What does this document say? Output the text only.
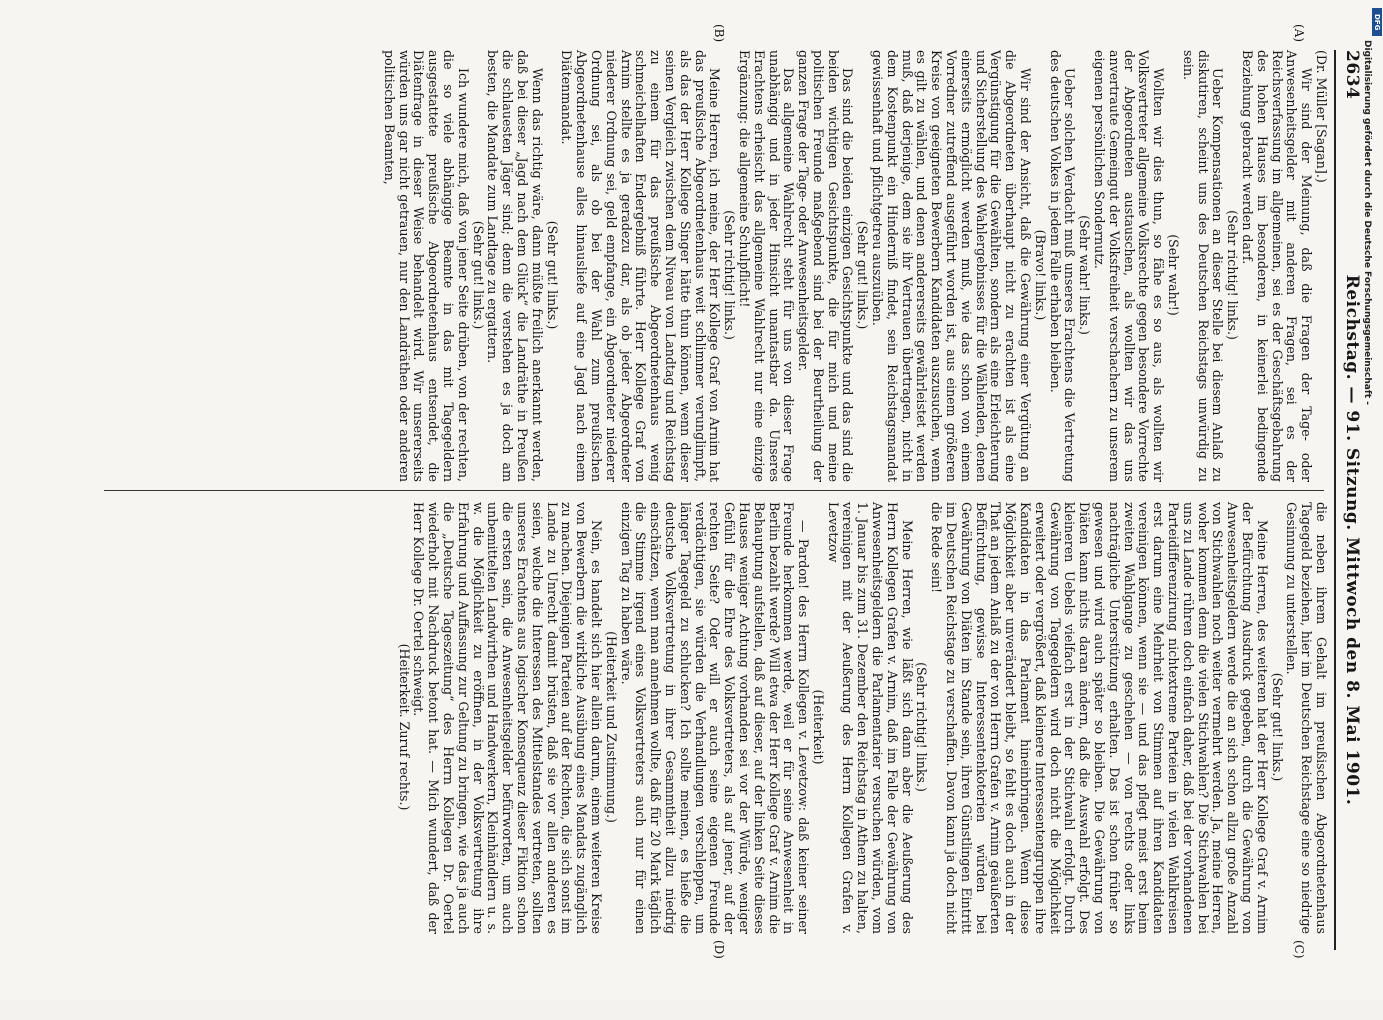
2634
Reichstag. — 91. Sitzung. Mittwoch den 8. Mai 1901.

(Dr. Müller [Sagan].)

Wir sind der Meinung, daß die Fragen der Tage- oder Anwesenheitsgelder mit anderen Fragen, sei es der Reichsverfassung im allgemeinen, sei es der Geschäftsgebahrung des hohen Hauses im besonderen, in keinerlei bedingende Beziehung gebracht werden darf.

(Sehr richtig! links.)

Ueber Kompensationen an dieser Stelle bei diesem Anlaß zu diskutiren, scheint uns des Deutschen Reichstags unwürdig zu sein.

(Sehr wahr!)

Wollten wir dies thun, so fähe es so aus, als wollten wir Volksvertreter allgemeine Volksrechte gegen besondere Vorrechte der Abgeordneten austauschen, als wollten wir das uns anvertraute Gemeingut der Volksfreiheit verschachern zu unserem eigenen persönlichen Sondernutz.

(Sehr wahr! links.)

Ueber solchen Verdacht muß unseres Erachtens die Vertretung des deutschen Volkes in jedem Falle erhaben bleiben.

(Bravo! links.)

Wir sind der Ansicht, daß die Gewährung einer Vergütung an die Abgeordneten überhaupt nicht zu erachten ist als eine Vergünstigung für die Gewählten, sondern als eine Erleichterung und Sicherstellung des Wahlergebnisses für die Wählenden, denen einerseits ermöglicht werden muß, wie das schon von einem Vorredner zutreffend ausgeführt worden ist, aus einem größeren Kreise von geeigneten Bewerbern Kandidaten auszusuchen, wenn es gilt zu wählen, und denen andererseits gewährleistet werden muß, daß derjenige, dem sie ihr Vertrauen übertragen, nicht in dem Kostenpunkt ein Hinderniß findet, sein Reichstagsmandat gewissenhaft und pflichtgetreu auszuüben.

(Sehr gut! links.)

Das sind die beiden einzigen Gesichtspunkte und das sind die beiden wichtigen Gesichtspunkte, die für mich und meine politischen Freunde maßgebend sind bei der Beurtheilung der ganzen Frage der Tage- oder Anwesenheitsgelder.

Das allgemeine Wahlrecht steht für uns von dieser Frage unabhängig und in jeder Hinsicht unantastbar da. Unseres Erachtens erheischt das allgemeine Wahlrecht nur eine einzige Ergänzung: die allgemeine Schulpflicht!

(Sehr richtig! links.)

Meine Herren, ich meine, der Herr Kollege Graf von Arnim hat das preußische Abgeordnetenhaus weit schlimmer verunglimpft, als das der Herr Kollege Singer hätte thun können, wenn dieser seinen Vergleich zwischen dem Niveau von Landtag und Reichstag zu einem für das preußische Abgeordnetenhaus wenig schmeichelhaften Endergebniß führte. Herr Kollege Graf von Arnim stellte es ja geradezu dar, als ob jeder Abgeordneter niederer Ordnung sei, geld empfange, ein Abgeordneter niederer Ordnung sei, als ob bei der Wahl zum preußischen Abgeordnetenhause alles hinausliefe auf eine Jagd nach einem Diätenmandat.

(Sehr gut! links.)

Wenn das richtig wäre, dann müßte freilich anerkannt werden, daß bei dieser „Jagd nach dem Glück“ die Landräthe in Preußen die schlauesten Jäger sind; denn die verstehen es ja doch am besten, die Mandate zum Landtage zu ergattern.

(Sehr gut! links.)

Ich wundere mich, daß von jener Seite drüben, von der rechten, die so viele abhängige Beamte in das mit Tagegeldern ausgestattete preußische Abgeordnetenhaus entsendet, die Diätenfrage in dieser Weise behandelt wird. Wir unsererseits würden uns gar nicht getrauen, nur den Landräthen oder anderen politischen Beamten,

die neben ihrem Gehalt im preußischen Abgeordnetenhaus Tagegeld beziehen, hier im Deutschen Reichstage eine so niedrige Gesinnung zu unterstellen.

(Sehr gut! links.)

Meine Herren, des weiteren hat der Herr Kollege Graf v. Arnim der Befürchtung Ausdruck gegeben, durch die Gewährung von Anwesenheitsgeldern werde die an sich schon allzu große Anzahl von Stichwahlen noch weiter vermehrt werden. Ja, meine Herren, woher kommen denn die vielen Stichwahlen? Die Stichwahlen bei uns zu Lande rühren doch einfach daher, daß bei der vorhandenen Parteidifferenzirung nichtextreme Parteien in vielen Wahlkreisen erst darum eine Mehrheit von Stimmen auf ihren Kandidaten vereinigen können, wenn sie — und das pflegt meist erst beim zweiten Wahlgange zu geschehen — von rechts oder links nachträgliche Unterstützung erhalten. Das ist schon früher so gewesen und wird auch später so bleiben. Die Gewährung von Diäten kann nichts daran ändern, daß die Auswahl erfolgt. Des kleineren Uebels vielfach erst in der Stichwahl erfolgt. Durch Gewährung von Tagegeldern wird doch nicht die Möglichkeit erweitert oder vergrößert, daß kleinere Interessentengruppen ihre Kandidaten in das Parlament hineinbringen. Wenn diese Möglichkeit aber unverändert bleibt, so fehlt es doch auch in der That an jedem Anlaß zu der von Herrn Grafen v. Arnim geäußerten Befürchtung, gewisse Interessentenkoterien würden bei Gewährung von Diäten im Stande sein, ihren Günstlingen Eintritt im Deutschen Reichstage zu verschaffen. Davon kann ja doch nicht die Rede sein!

(Sehr richtig! links.)

Meine Herren, wie läßt sich dann aber die Aeußerung des Herrn Kollegen Grafen v. Arnim, daß im Falle der Gewährung von Anwesenheitsgeldern die Parlamentarier versuchen würden, vom 1. Januar bis zum 31. Dezember den Reichstag in Athem zu halten, vereinigen mit der Aeußerung des Herrn Kollegen Grafen v. Levetzow

(Heiterkeit)

— Pardon! des Herrn Kollegen v. Levetzow: daß keiner seiner Freunde herkommen werde, weil er für seine Anwesenheit in Berlin bezahlt werde? Will etwa der Herr Kollege Graf v. Arnim die Behauptung aufstellen, daß auf dieser, auf der linken Seite dieses Hauses weniger Achtung vorhanden sei vor der Würde, weniger Gefühl für die Ehre des Volksvertreters, als auf jener, auf der rechten Seite? Oder will er auch seine eigenen Freunde verdächtigen, sie würden die Verhandlungen verschleppen, um länger Tagegeld zu schlucken? Ich sollte meinen, es hieße die deutsche Volksvertretung in ihrer Gesammtheit allzu niedrig einschätzen, wenn man annehmen wollte, daß für 20 Mark täglich die Stimme irgend eines Volksvertreters auch nur für einen einzigen Tag zu haben wäre.

(Heiterkeit und Zustimmung.)

Nein, es handelt sich hier allein darum, einem weiteren Kreise von Bewerbern die wirkliche Ausübung eines Mandats zugänglich zu machen. Diejenigen Parteien auf der Rechten, die sich sonst im Lande zu Unrecht damit brüsten, daß sie vor allen anderen es seien, welche die Interessen des Mittelstandes vertreten, sollten unseres Erachtens aus logischer Konsequenz dieser Fiktion schon die ersten sein, die Anwesenheitsgelder befürworten, um auch unbemittelten Landwirthen und Handwerkern, Kleinhändlern u. s. w. die Möglichkeit zu eröffnen, in der Volksvertretung ihre Erfahrung und Auffassung zur Geltung zu bringen, wie das ja auch die „Deutsche Tageszeitung“ des Herrn Kollegen Dr. Oertel wiederholt mit Nachdruck betont hat. — Mich wundert, daß der Herr Kollege Dr. Oertel schweigt.

(Heiterkeit. Zuruf rechts.)

(A)
(B)
(C)
(D)
DFG
Digitalisierung gefördert durch die Deutsche Forschungsgemeinschaft -
